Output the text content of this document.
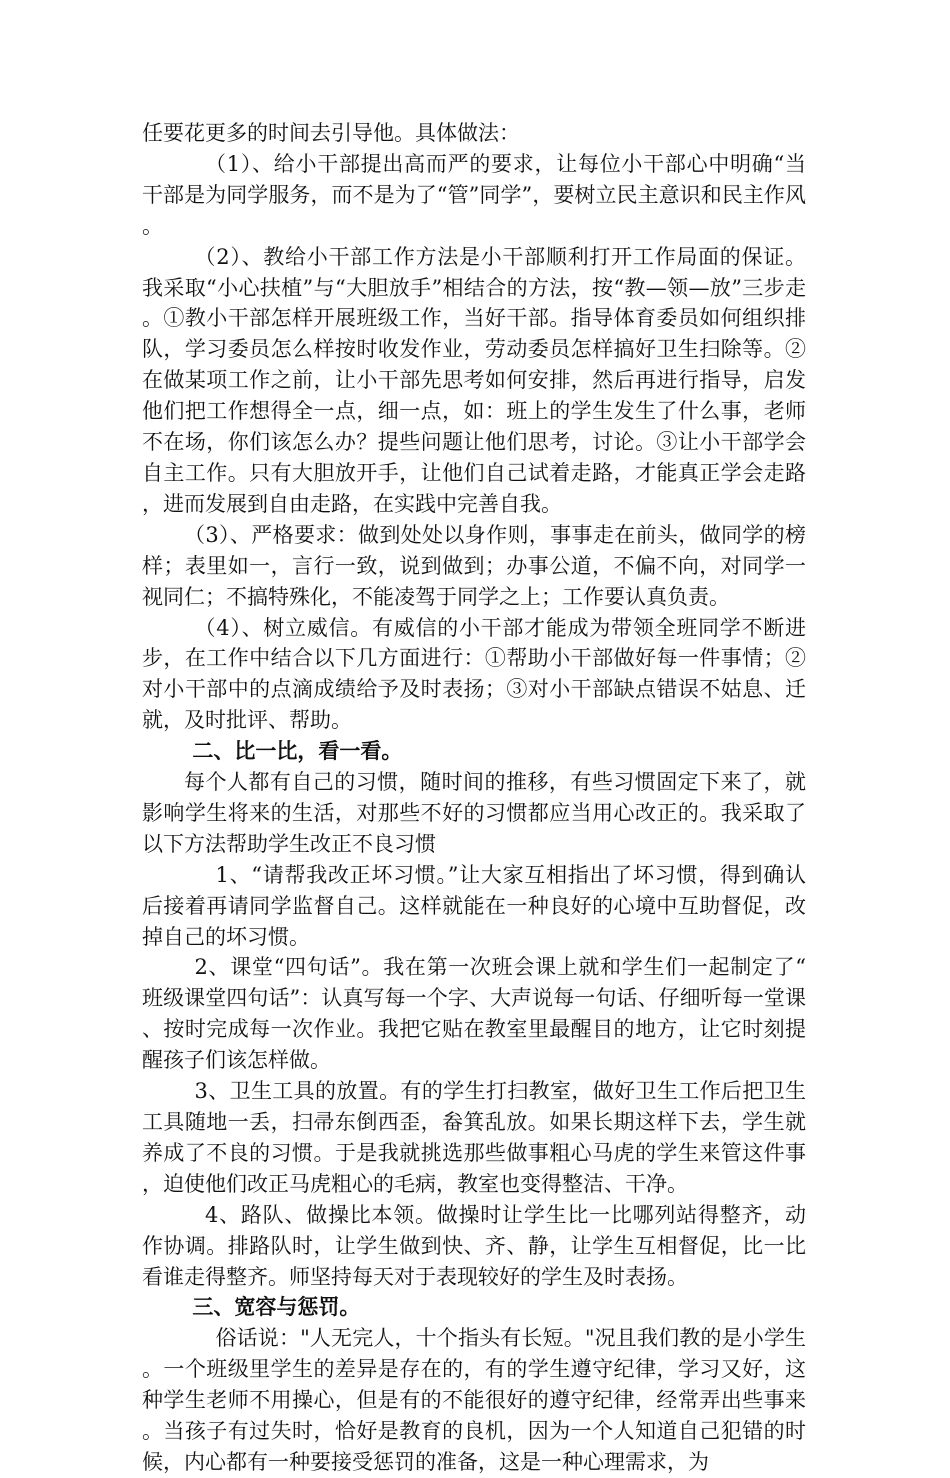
任要花更多的时间去引导他。具体做法：

（1）、给小干部提出高而严的要求，让每位小干部心中明确“当干部是为同学服务，而不是为了“管”同学”，要树立民主意识和民主作风。

（2）、教给小干部工作方法是小干部顺利打开工作局面的保证。我采取“小心扶植”与“大胆放手”相结合的方法，按“教—领—放”三步走。①教小干部怎样开展班级工作，当好干部。指导体育委员如何组织排队，学习委员怎么样按时收发作业，劳动委员怎样搞好卫生扫除等。②在做某项工作之前，让小干部先思考如何安排，然后再进行指导，启发他们把工作想得全一点，细一点，如：班上的学生发生了什么事，老师不在场，你们该怎么办？提些问题让他们思考，讨论。③让小干部学会自主工作。只有大胆放开手，让他们自己试着走路，才能真正学会走路，进而发展到自由走路，在实践中完善自我。

（3）、严格要求：做到处处以身作则，事事走在前头，做同学的榜样；表里如一，言行一致，说到做到；办事公道，不偏不向，对同学一视同仁；不搞特殊化，不能凌驾于同学之上；工作要认真负责。

（4）、树立威信。有威信的小干部才能成为带领全班同学不断进步，在工作中结合以下几方面进行：①帮助小干部做好每一件事情；②对小干部中的点滴成绩给予及时表扬；③对小干部缺点错误不姑息、迁就，及时批评、帮助。

二、比一比，看一看。

每个人都有自己的习惯，随时间的推移，有些习惯固定下来了，就影响学生将来的生活，对那些不好的习惯都应当用心改正的。我采取了以下方法帮助学生改正不良习惯

1、“请帮我改正坏习惯。”让大家互相指出了坏习惯，得到确认后接着再请同学监督自己。这样就能在一种良好的心境中互助督促，改掉自己的坏习惯。

2、课堂“四句话”。我在第一次班会课上就和学生们一起制定了“班级课堂四句话”：认真写每一个字、大声说每一句话、仔细听每一堂课、按时完成每一次作业。我把它贴在教室里最醒目的地方，让它时刻提醒孩子们该怎样做。

3、卫生工具的放置。有的学生打扫教室，做好卫生工作后把卫生工具随地一丢，扫帚东倒西歪，畚箕乱放。如果长期这样下去，学生就养成了不良的习惯。于是我就挑选那些做事粗心马虎的学生来管这件事，迫使他们改正马虎粗心的毛病，教室也变得整洁、干净。

4、路队、做操比本领。做操时让学生比一比哪列站得整齐，动作协调。排路队时，让学生做到快、齐、静，让学生互相督促，比一比看谁走得整齐。师坚持每天对于表现较好的学生及时表扬。

三、宽容与惩罚。

俗话说："人无完人，十个指头有长短。"况且我们教的是小学生。一个班级里学生的差异是存在的，有的学生遵守纪律，学习又好，这种学生老师不用操心，但是有的不能很好的遵守纪律，经常弄出些事来。当孩子有过失时，恰好是教育的良机，因为一个人知道自己犯错的时候，内心都有一种要接受惩罚的准备，这是一种心理需求，为
